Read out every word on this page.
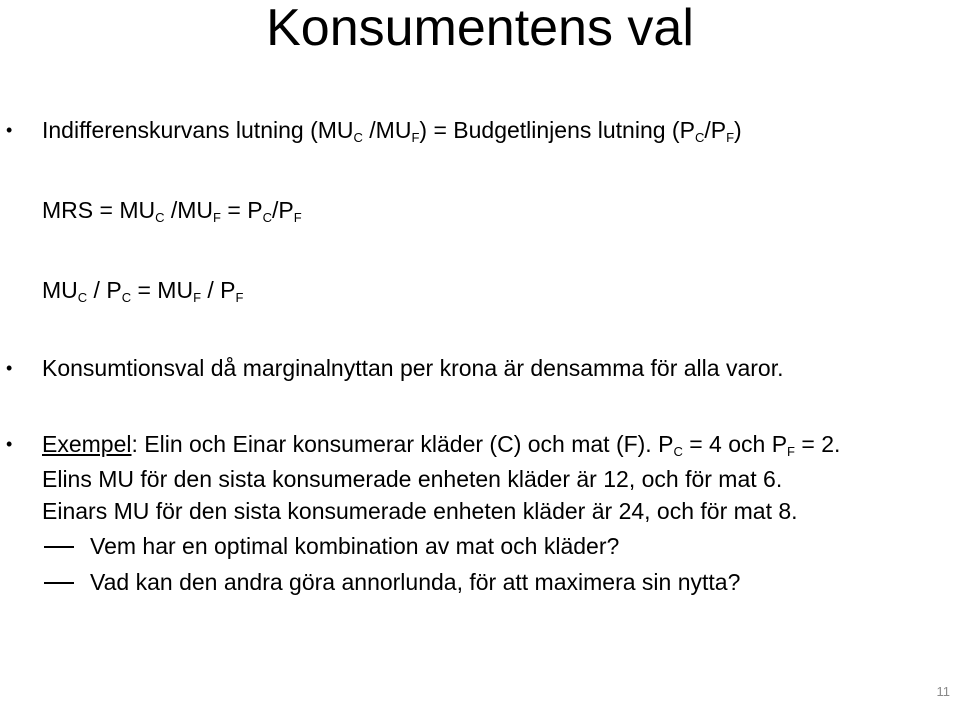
Konsumentens val
• Indifferenskurvans lutning ($MU_C$ $/MU_F$) = Budgetlinjens lutning $(P_C/P_F)$
MRS = $MU_C$ $/MU_F = P_C/P_F$
$MU_C / P_C = MU_F / P_F$
• Konsumtionsval då marginalnyttan per krona är densamma för alla varor.
• Exempel: Elin och Einar konsumerar kläder (C) och mat (F). $P_C = 4$ och $P_F = 2$.
Elins MU för den sista konsumerade enheten kläder är 12, och för mat 6.
Einars MU för den sista konsumerade enheten kläder är 24, och för mat 8.
Vem har en optimal kombination av mat och kläder?
Vad kan den andra göra annorlunda, för att maximera sin nytta?
11
